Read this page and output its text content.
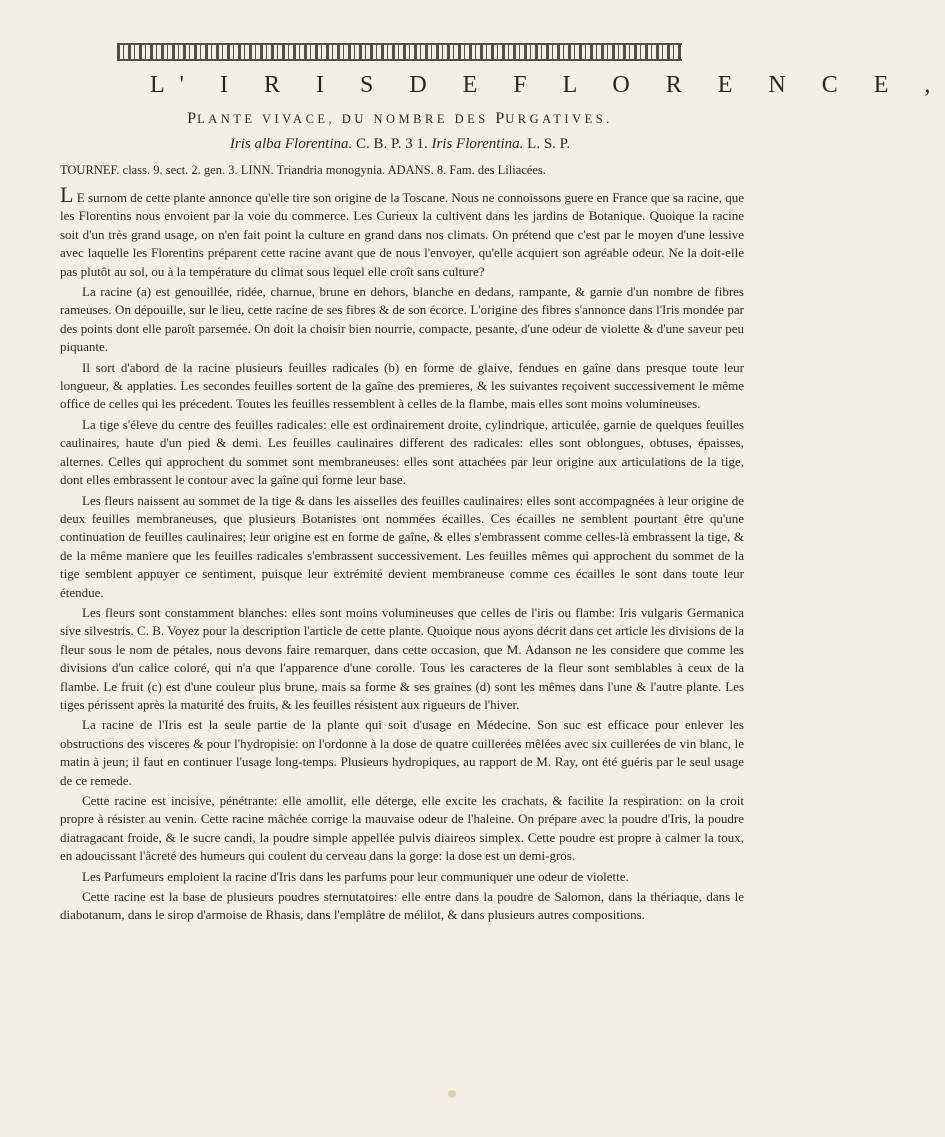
L' I R I S D E F L O R E N C E ,
PLANTE VIVACE, DU NOMBRE DES PURGATIVES.
Iris alba Florentina. C. B. P. 3 1. Iris Florentina. L. S. P.
TOURNEF. class. 9. sect. 2. gen. 3. LINN. Triandria monogynia. ADANS. 8. Fam. des Liliacées.

L E surnom de cette plante annonce qu'elle tire son origine de la Toscane. Nous ne connoissons guere en France que sa racine, que les Florentins nous envoient par la voie du commerce. Les Curieux la cultivent dans les jardins de Botanique. Quoique la racine soit d'un très grand usage, on n'en fait point la culture en grand dans nos climats. On prétend que c'est par le moyen d'une lessive avec laquelle les Florentins préparent cette racine avant que de nous l'envoyer, qu'elle acquiert son agréable odeur. Ne la doit-elle pas plutôt au sol, ou à la température du climat sous lequel elle croît sans culture?

La racine (a) est genouillée, ridée, charnue, brune en dehors, blanche en dedans, rampante, & garnie d'un nombre de fibres rameuses. On dépouille, sur le lieu, cette racine de ses fibres & de son écorce. L'origine des fibres s'annonce dans l'Iris mondée par des points dont elle paroît parsemée. On doit la choisir bien nourrie, compacte, pesante, d'une odeur de violette & d'une saveur peu piquante.

Il sort d'abord de la racine plusieurs feuilles radicales (b) en forme de glaive, fendues en gaîne dans presque toute leur longueur, & applaties. Les secondes feuilles sortent de la gaîne des premieres, & les suivantes reçoivent successivement le même office de celles qui les précedent. Toutes les feuilles ressemblent à celles de la flambe, mais elles sont moins volumineuses.

La tige s'éleve du centre des feuilles radicales: elle est ordinairement droite, cylindrique, articulée, garnie de quelques feuilles caulinaires, haute d'un pied & demi. Les feuilles caulinaires different des radicales: elles sont oblongues, obtuses, épaisses, alternes. Celles qui approchent du sommet sont membraneuses: elles sont attachées par leur origine aux articulations de la tige, dont elles embrassent le contour avec la gaîne qui forme leur base.

Les fleurs naissent au sommet de la tige & dans les aisselles des feuilles caulinaires: elles sont accompagnées à leur origine de deux feuilles membraneuses, que plusieurs Botanistes ont nommées écailles. Ces écailles ne semblent pourtant être qu'une continuation de feuilles caulinaires; leur origine est en forme de gaîne, & elles s'embrassent comme celles-là embrassent la tige, & de la même maniere que les feuilles radicales s'embrassent successivement. Les feuilles mêmes qui approchent du sommet de la tige semblent appuyer ce sentiment, puisque leur extrémité devient membraneuse comme ces écailles le sont dans toute leur étendue.

Les fleurs sont constamment blanches: elles sont moins volumineuses que celles de l'iris ou flambe: Iris vulgaris Germanica sive silvestris. C. B. Voyez pour la description l'article de cette plante. Quoique nous ayons décrit dans cet article les divisions de la fleur sous le nom de pétales, nous devons faire remarquer, dans cette occasion, que M. Adanson ne les considere que comme les divisions d'un calice coloré, qui n'a que l'apparence d'une corolle. Tous les caracteres de la fleur sont semblables à ceux de la flambe. Le fruit (c) est d'une couleur plus brune, mais sa forme & ses graines (d) sont les mêmes dans l'une & l'autre plante. Les tiges périssent après la maturité des fruits, & les feuilles résistent aux rigueurs de l'hiver.

La racine de l'Iris est la seule partie de la plante qui soit d'usage en Médecine. Son suc est efficace pour enlever les obstructions des visceres & pour l'hydropisie: on l'ordonne à la dose de quatre cuillerées mêlées avec six cuillerées de vin blanc, le matin à jeun; il faut en continuer l'usage long-temps. Plusieurs hydropiques, au rapport de M. Ray, ont été guéris par le seul usage de ce remede.

Cette racine est incisive, pénétrante: elle amollit, elle déterge, elle excite les crachats, & facilite la respiration: on la croit propre à résister au venin. Cette racine mâchée corrige la mauvaise odeur de l'haleine. On prépare avec la poudre d'Iris, la poudre diatragacant froide, & le sucre candi, la poudre simple appellée pulvis diaireos simplex. Cette poudre est propre à calmer la toux, en adoucissant l'âcreté des humeurs qui coulent du cerveau dans la gorge: la dose est un demi-gros.

Les Parfumeurs emploient la racine d'Iris dans les parfums pour leur communiquer une odeur de violette.

Cette racine est la base de plusieurs poudres sternutatoires: elle entre dans la poudre de Salomon, dans la thériaque, dans le diabotanum, dans le sirop d'armoise de Rhasis, dans l'emplâtre de mélilot, & dans plusieurs autres compositions.
